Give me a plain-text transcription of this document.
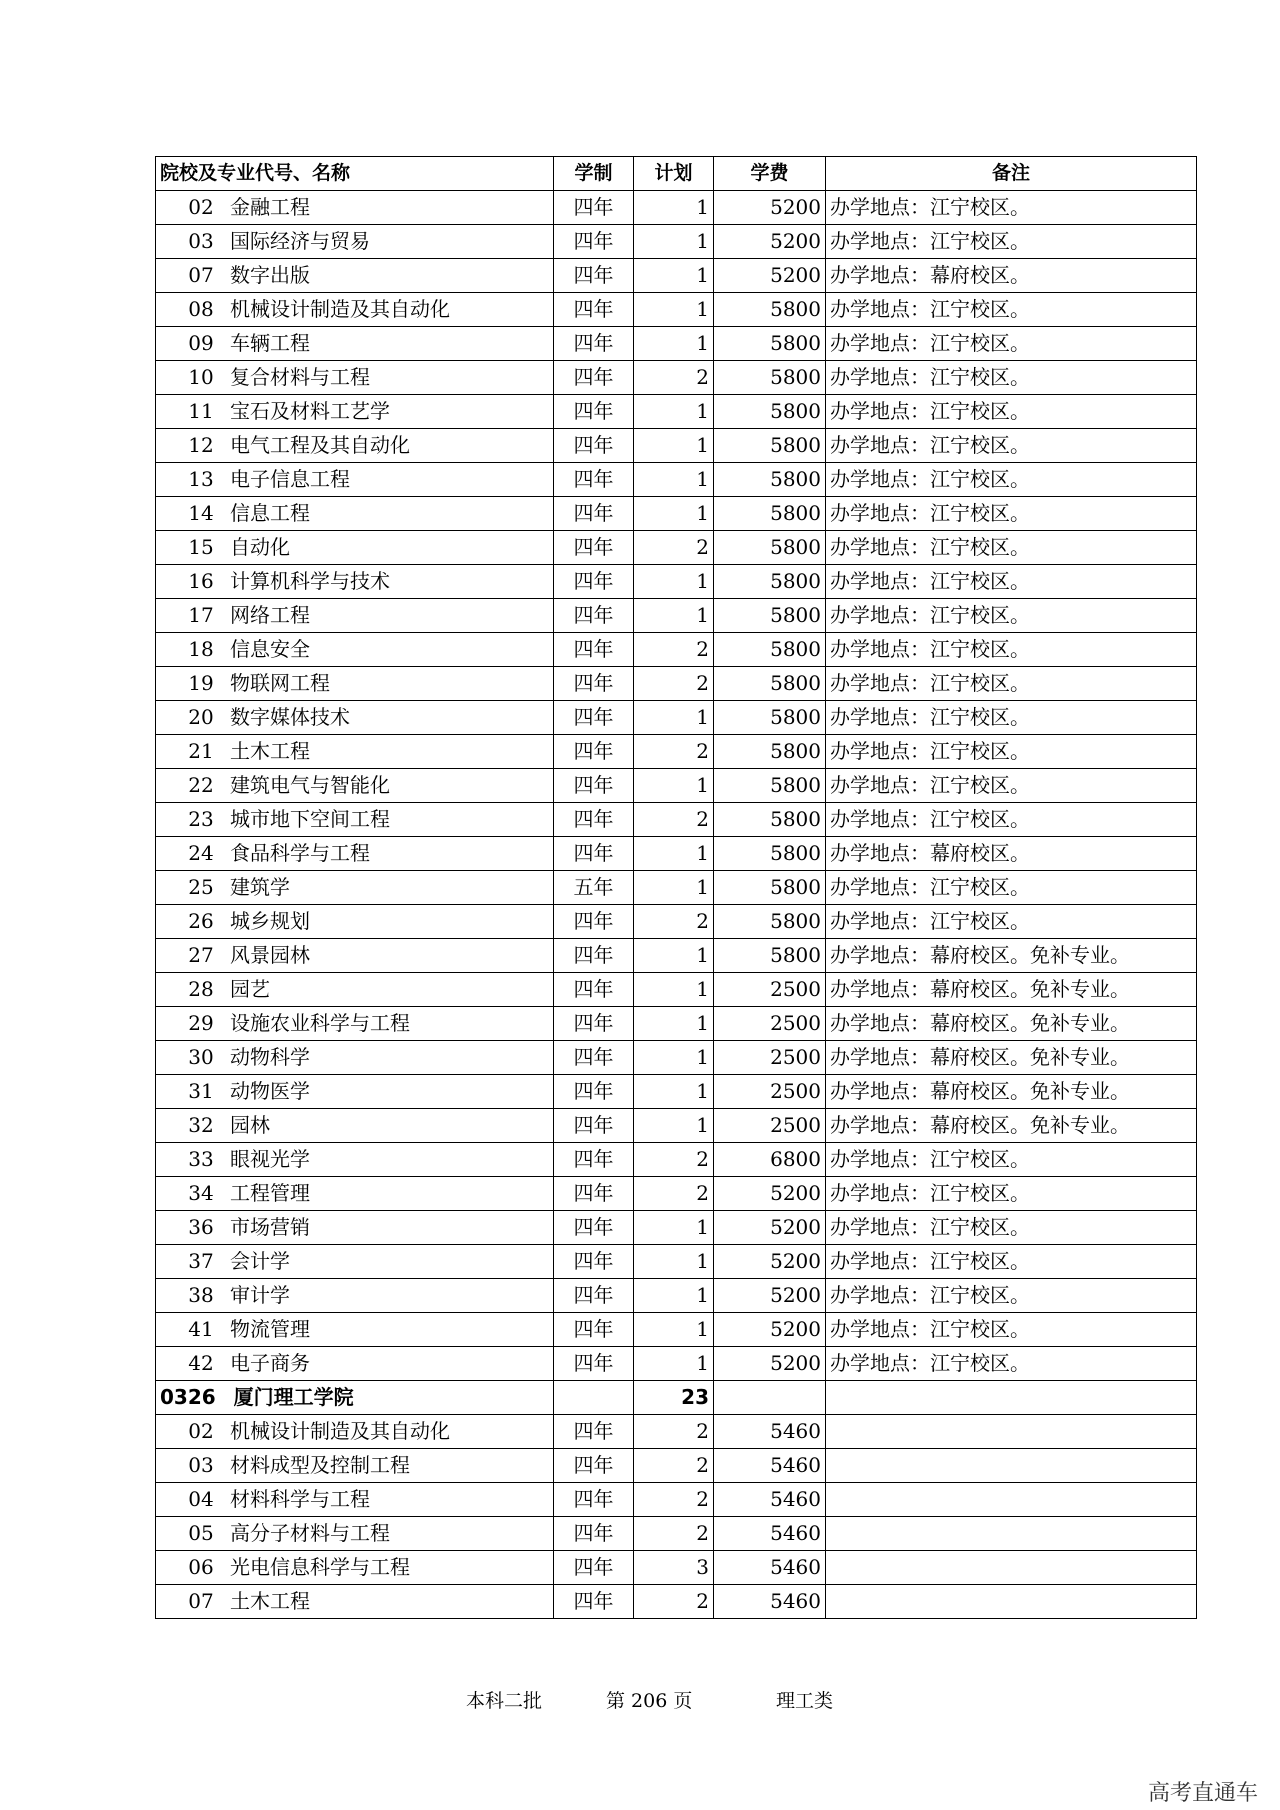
院校及专业代号、名称	学制	计划	学费	备注
02 金融工程	四年	1	5200	办学地点：江宁校区。
03 国际经济与贸易	四年	1	5200	办学地点：江宁校区。
07 数字出版	四年	1	5200	办学地点：幕府校区。
08 机械设计制造及其自动化	四年	1	5800	办学地点：江宁校区。
09 车辆工程	四年	1	5800	办学地点：江宁校区。
10 复合材料与工程	四年	2	5800	办学地点：江宁校区。
11 宝石及材料工艺学	四年	1	5800	办学地点：江宁校区。
12 电气工程及其自动化	四年	1	5800	办学地点：江宁校区。
13 电子信息工程	四年	1	5800	办学地点：江宁校区。
14 信息工程	四年	1	5800	办学地点：江宁校区。
15 自动化	四年	2	5800	办学地点：江宁校区。
16 计算机科学与技术	四年	1	5800	办学地点：江宁校区。
17 网络工程	四年	1	5800	办学地点：江宁校区。
18 信息安全	四年	2	5800	办学地点：江宁校区。
19 物联网工程	四年	2	5800	办学地点：江宁校区。
20 数字媒体技术	四年	1	5800	办学地点：江宁校区。
21 土木工程	四年	2	5800	办学地点：江宁校区。
22 建筑电气与智能化	四年	1	5800	办学地点：江宁校区。
23 城市地下空间工程	四年	2	5800	办学地点：江宁校区。
24 食品科学与工程	四年	1	5800	办学地点：幕府校区。
25 建筑学	五年	1	5800	办学地点：江宁校区。
26 城乡规划	四年	2	5800	办学地点：江宁校区。
27 风景园林	四年	1	5800	办学地点：幕府校区。免补专业。
28 园艺	四年	1	2500	办学地点：幕府校区。免补专业。
29 设施农业科学与工程	四年	1	2500	办学地点：幕府校区。免补专业。
30 动物科学	四年	1	2500	办学地点：幕府校区。免补专业。
31 动物医学	四年	1	2500	办学地点：幕府校区。免补专业。
32 园林	四年	1	2500	办学地点：幕府校区。免补专业。
33 眼视光学	四年	2	6800	办学地点：江宁校区。
34 工程管理	四年	2	5200	办学地点：江宁校区。
36 市场营销	四年	1	5200	办学地点：江宁校区。
37 会计学	四年	1	5200	办学地点：江宁校区。
38 审计学	四年	1	5200	办学地点：江宁校区。
41 物流管理	四年	1	5200	办学地点：江宁校区。
42 电子商务	四年	1	5200	办学地点：江宁校区。
0326 厦门理工学院		23		
02 机械设计制造及其自动化	四年	2	5460	
03 材料成型及控制工程	四年	2	5460	
04 材料科学与工程	四年	2	5460	
05 高分子材料与工程	四年	2	5460	
06 光电信息科学与工程	四年	3	5460	
07 土木工程	四年	2	5460	
本科二批	第 206 页	理工类
高考直通车
